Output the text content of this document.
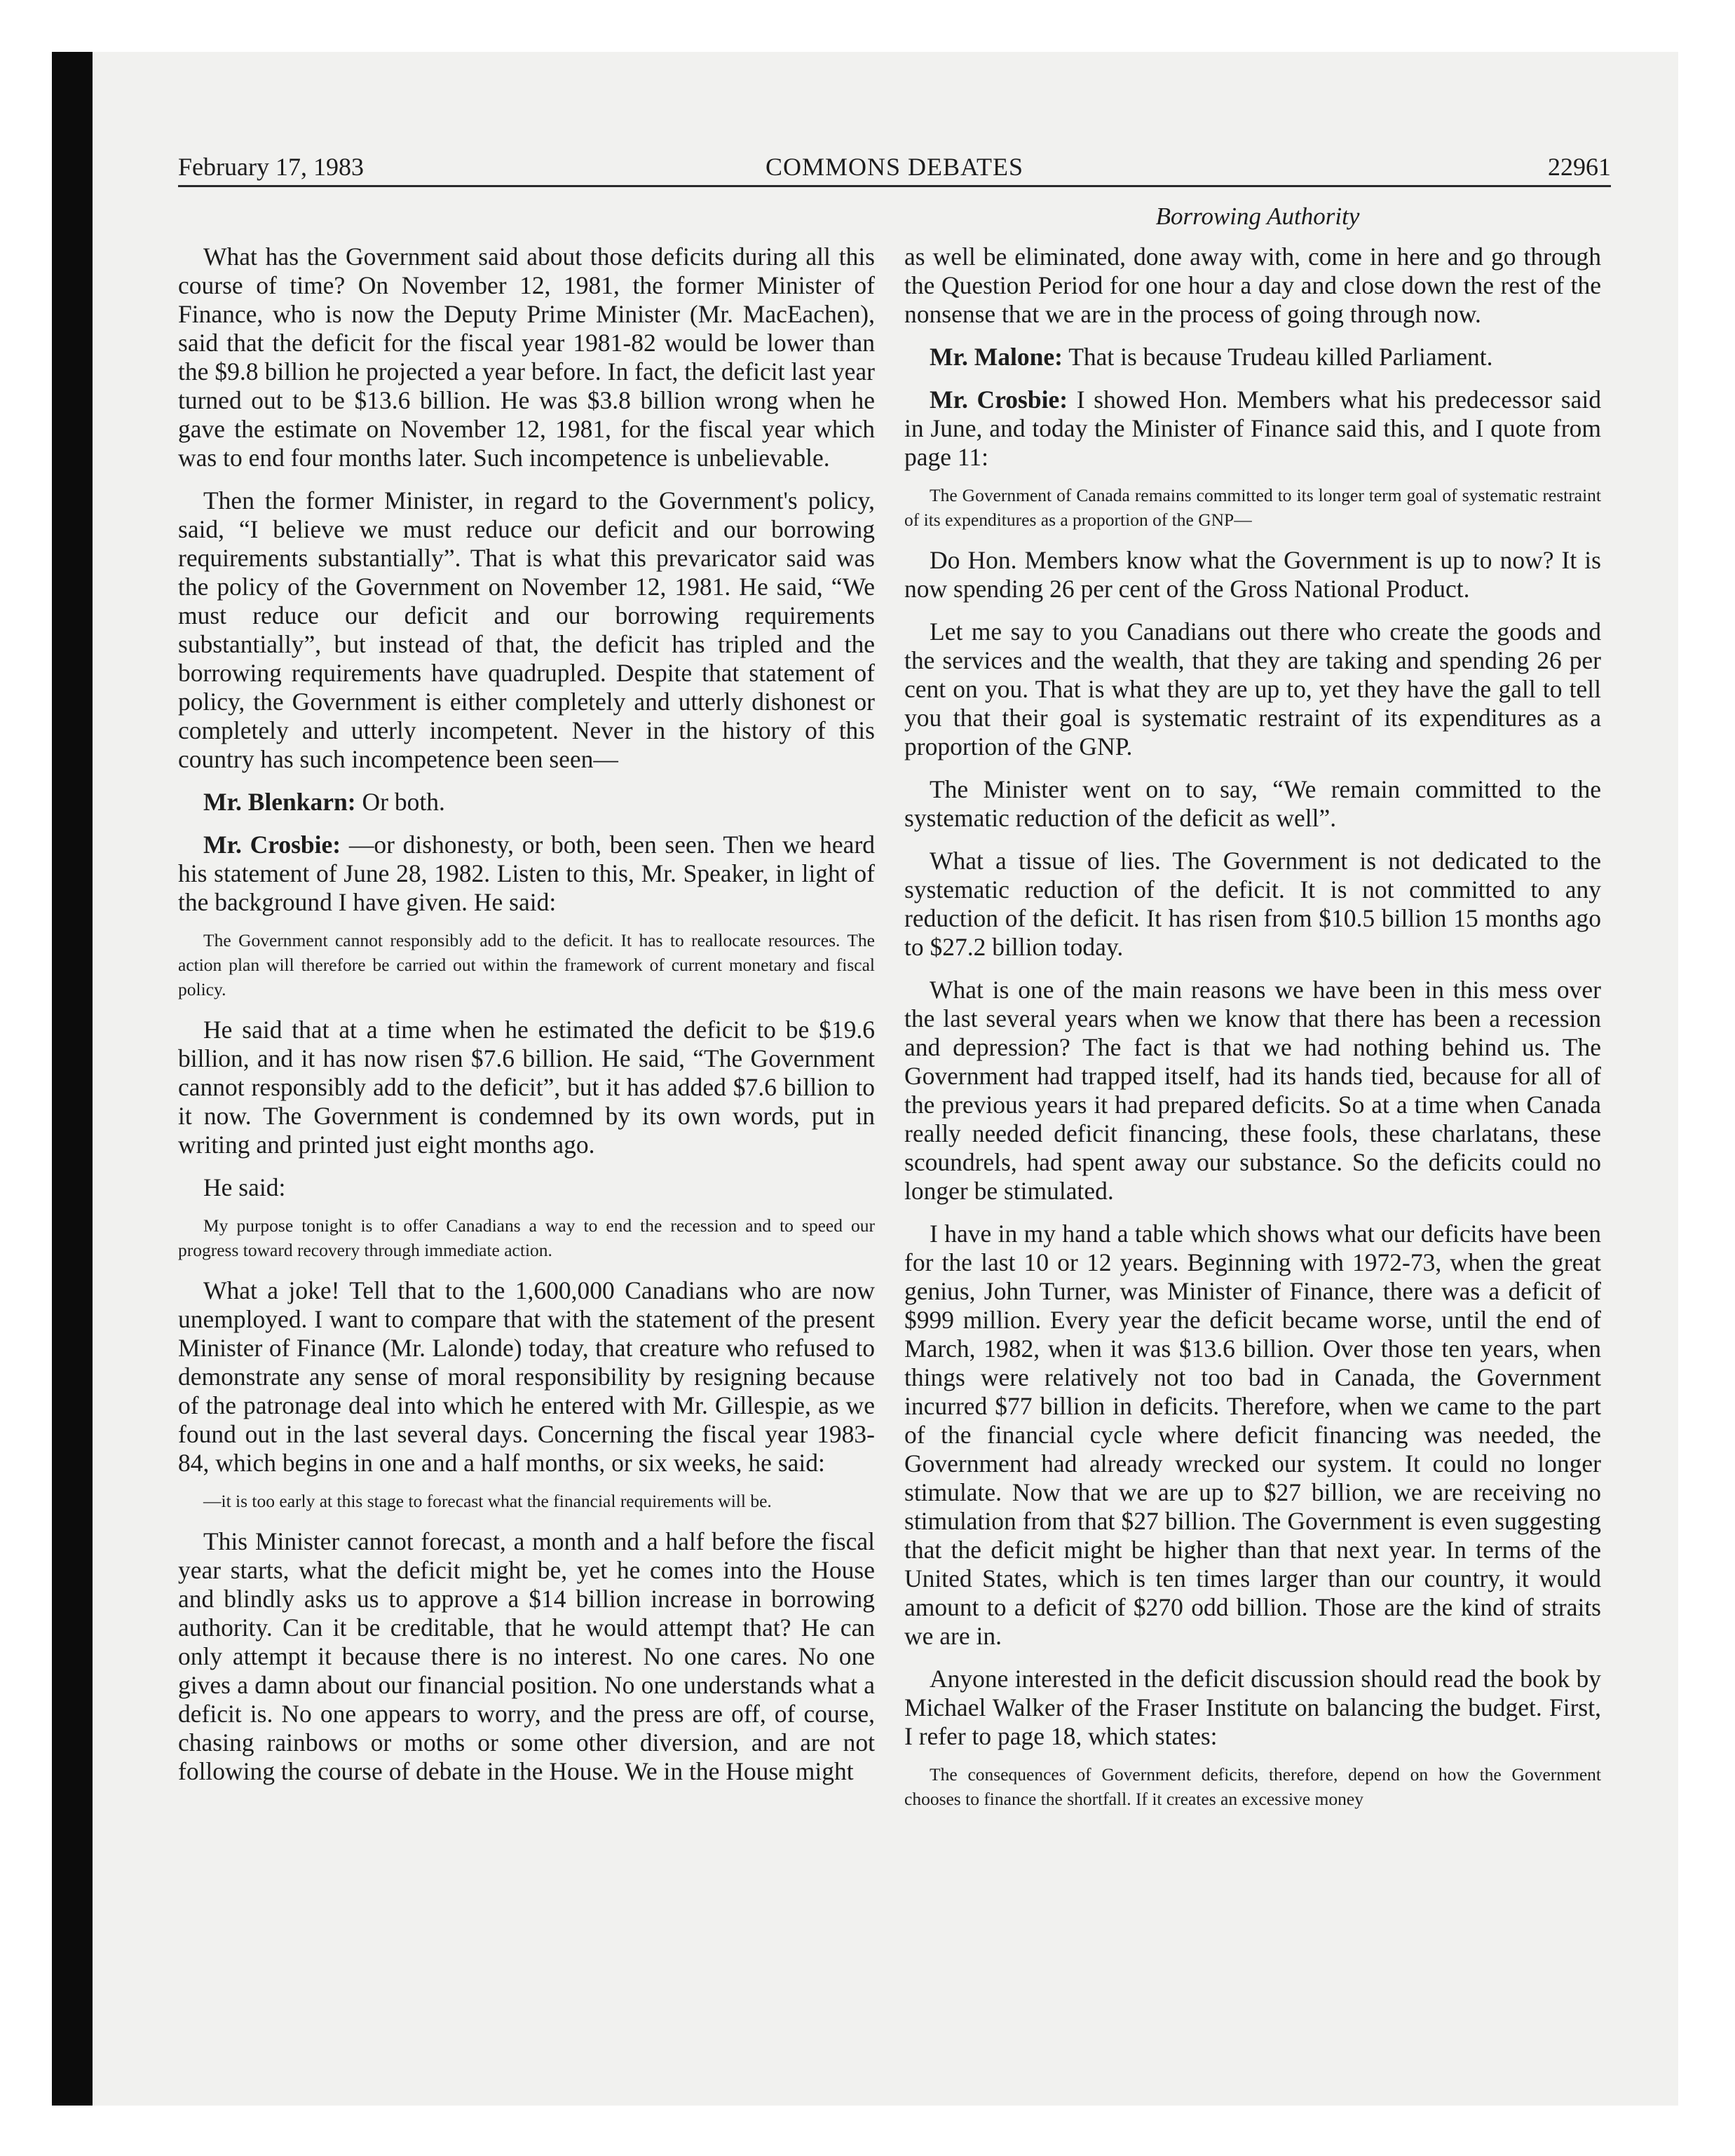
February 17, 1983	COMMONS DEBATES	22961
Borrowing Authority

What has the Government said about those deficits during all this course of time? On November 12, 1981, the former Minister of Finance, who is now the Deputy Prime Minister (Mr. MacEachen), said that the deficit for the fiscal year 1981-82 would be lower than the $9.8 billion he projected a year before. In fact, the deficit last year turned out to be $13.6 billion. He was $3.8 billion wrong when he gave the estimate on November 12, 1981, for the fiscal year which was to end four months later. Such incompetence is unbelievable.

Then the former Minister, in regard to the Government's policy, said, “I believe we must reduce our deficit and our borrowing requirements substantially”. That is what this prevaricator said was the policy of the Government on November 12, 1981. He said, “We must reduce our deficit and our borrowing requirements substantially”, but instead of that, the deficit has tripled and the borrowing requirements have quadrupled. Despite that statement of policy, the Government is either completely and utterly dishonest or completely and utterly incompetent. Never in the history of this country has such incompetence been seen—

Mr. Blenkarn: Or both.

Mr. Crosbie: —or dishonesty, or both, been seen. Then we heard his statement of June 28, 1982. Listen to this, Mr. Speaker, in light of the background I have given. He said:

The Government cannot responsibly add to the deficit. It has to reallocate resources. The action plan will therefore be carried out within the framework of current monetary and fiscal policy.

He said that at a time when he estimated the deficit to be $19.6 billion, and it has now risen $7.6 billion. He said, “The Government cannot responsibly add to the deficit”, but it has added $7.6 billion to it now. The Government is condemned by its own words, put in writing and printed just eight months ago.

He said:

My purpose tonight is to offer Canadians a way to end the recession and to speed our progress toward recovery through immediate action.

What a joke! Tell that to the 1,600,000 Canadians who are now unemployed. I want to compare that with the statement of the present Minister of Finance (Mr. Lalonde) today, that creature who refused to demonstrate any sense of moral responsibility by resigning because of the patronage deal into which he entered with Mr. Gillespie, as we found out in the last several days. Concerning the fiscal year 1983-84, which begins in one and a half months, or six weeks, he said:

—it is too early at this stage to forecast what the financial requirements will be.

This Minister cannot forecast, a month and a half before the fiscal year starts, what the deficit might be, yet he comes into the House and blindly asks us to approve a $14 billion increase in borrowing authority. Can it be creditable, that he would attempt that? He can only attempt it because there is no interest. No one cares. No one gives a damn about our financial position. No one understands what a deficit is. No one appears to worry, and the press are off, of course, chasing rainbows or moths or some other diversion, and are not following the course of debate in the House. We in the House might

as well be eliminated, done away with, come in here and go through the Question Period for one hour a day and close down the rest of the nonsense that we are in the process of going through now.

Mr. Malone: That is because Trudeau killed Parliament.

Mr. Crosbie: I showed Hon. Members what his predecessor said in June, and today the Minister of Finance said this, and I quote from page 11:

The Government of Canada remains committed to its longer term goal of systematic restraint of its expenditures as a proportion of the GNP—

Do Hon. Members know what the Government is up to now? It is now spending 26 per cent of the Gross National Product.

Let me say to you Canadians out there who create the goods and the services and the wealth, that they are taking and spending 26 per cent on you. That is what they are up to, yet they have the gall to tell you that their goal is systematic restraint of its expenditures as a proportion of the GNP.

The Minister went on to say, “We remain committed to the systematic reduction of the deficit as well”.

What a tissue of lies. The Government is not dedicated to the systematic reduction of the deficit. It is not committed to any reduction of the deficit. It has risen from $10.5 billion 15 months ago to $27.2 billion today.

What is one of the main reasons we have been in this mess over the last several years when we know that there has been a recession and depression? The fact is that we had nothing behind us. The Government had trapped itself, had its hands tied, because for all of the previous years it had prepared deficits. So at a time when Canada really needed deficit financing, these fools, these charlatans, these scoundrels, had spent away our substance. So the deficits could no longer be stimulated.

I have in my hand a table which shows what our deficits have been for the last 10 or 12 years. Beginning with 1972-73, when the great genius, John Turner, was Minister of Finance, there was a deficit of $999 million. Every year the deficit became worse, until the end of March, 1982, when it was $13.6 billion. Over those ten years, when things were relatively not too bad in Canada, the Government incurred $77 billion in deficits. Therefore, when we came to the part of the financial cycle where deficit financing was needed, the Government had already wrecked our system. It could no longer stimulate. Now that we are up to $27 billion, we are receiving no stimulation from that $27 billion. The Government is even suggesting that the deficit might be higher than that next year. In terms of the United States, which is ten times larger than our country, it would amount to a deficit of $270 odd billion. Those are the kind of straits we are in.

Anyone interested in the deficit discussion should read the book by Michael Walker of the Fraser Institute on balancing the budget. First, I refer to page 18, which states:

The consequences of Government deficits, therefore, depend on how the Government chooses to finance the shortfall. If it creates an excessive money
